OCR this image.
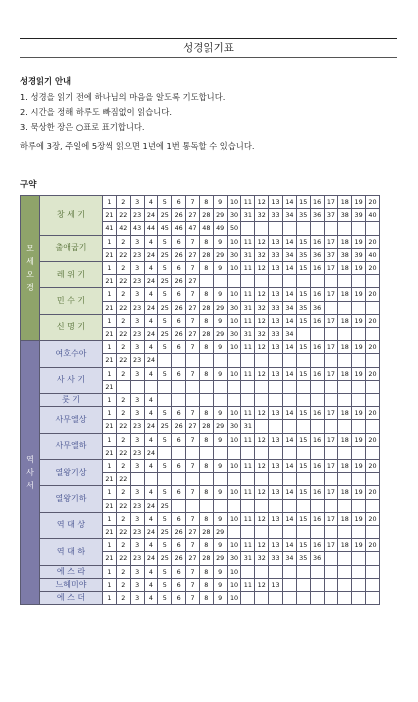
성경읽기표
성경읽기 안내
1. 성경을 읽기 전에 하나님의 마음을 알도록 기도합니다.
2. 시간을 정해 하루도 빠짐없이 읽습니다.
3. 묵상한 장은 ○표로 표기합니다.
하루에 3장, 주일에 5장씩 읽으면 1년에 1번 통독할 수 있습니다.
구약
모
세
오
경	창 세 기	1	2	3	4	5	6	7	8	9	10	11	12	13	14	15	16	17	18	19	20
		21	22	23	24	25	26	27	28	29	30	31	32	33	34	35	36	37	38	39	40
		41	42	43	44	45	46	47	48	49	50										
	출애굽기	1	2	3	4	5	6	7	8	9	10	11	12	13	14	15	16	17	18	19	20
		21	22	23	24	25	26	27	28	29	30	31	32	33	34	35	36	37	38	39	40
	레 위 기	1	2	3	4	5	6	7	8	9	10	11	12	13	14	15	16	17	18	19	20
		21	22	23	24	25	26	27													
	민 수 기	1	2	3	4	5	6	7	8	9	10	11	12	13	14	15	16	17	18	19	20
		21	22	23	24	25	26	27	28	29	30	31	32	33	34	35	36				
	신 명 기	1	2	3	4	5	6	7	8	9	10	11	12	13	14	15	16	17	18	19	20
		21	22	23	24	25	26	27	28	29	30	31	32	33	34						
역
사
서	여호수아	1	2	3	4	5	6	7	8	9	10	11	12	13	14	15	16	17	18	19	20
		21	22	23	24																
	사 사 기	1	2	3	4	5	6	7	8	9	10	11	12	13	14	15	16	17	18	19	20
		21																			
	룻 기	1	2	3	4																
	사무엘상	1	2	3	4	5	6	7	8	9	10	11	12	13	14	15	16	17	18	19	20
		21	22	23	24	25	26	27	28	29	30	31									
	사무엘하	1	2	3	4	5	6	7	8	9	10	11	12	13	14	15	16	17	18	19	20
		21	22	23	24																
	열왕기상	1	2	3	4	5	6	7	8	9	10	11	12	13	14	15	16	17	18	19	20
		21	22																		
	열왕기하	1	2	3	4	5	6	7	8	9	10	11	12	13	14	15	16	17	18	19	20
		21	22	23	24	25															
	역 대 상	1	2	3	4	5	6	7	8	9	10	11	12	13	14	15	16	17	18	19	20
		21	22	23	24	25	26	27	28	29											
	역 대 하	1	2	3	4	5	6	7	8	9	10	11	12	13	14	15	16	17	18	19	20
		21	22	23	24	25	26	27	28	29	30	31	32	33	34	35	36				
	에 스 라	1	2	3	4	5	6	7	8	9	10										
	느헤미야	1	2	3	4	5	6	7	8	9	10	11	12	13							
	에 스 더	1	2	3	4	5	6	7	8	9	10										
